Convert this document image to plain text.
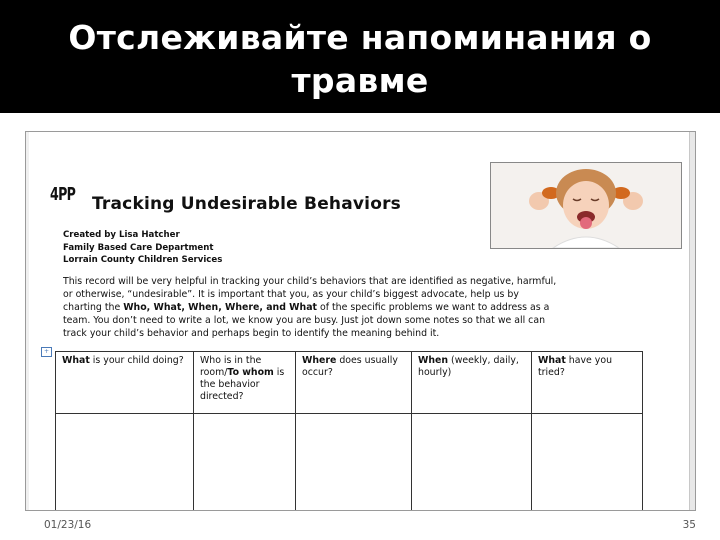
Отслеживайте напоминания о травме
4PP Tracking Undesirable Behaviors
Created by Lisa Hatcher
Family Based Care Department
Lorrain County Children Services
This record will be very helpful in tracking your child’s behaviors that are identified as negative, harmful,
or otherwise, “undesirable”. It is important that you, as your child’s biggest advocate, help us by
charting the Who, What, When, Where, and What of the specific problems we want to address as a
team. You don’t need to write a lot, we know you are busy. Just jot down some notes so that we all can
track your child’s behavior and perhaps begin to identify the meaning behind it.
+
What is your child doing?	Who is in the room/To whom is the behavior directed?	Where does usually occur?	When (weekly, daily, hourly)	What have you tried?

01/23/16	35
